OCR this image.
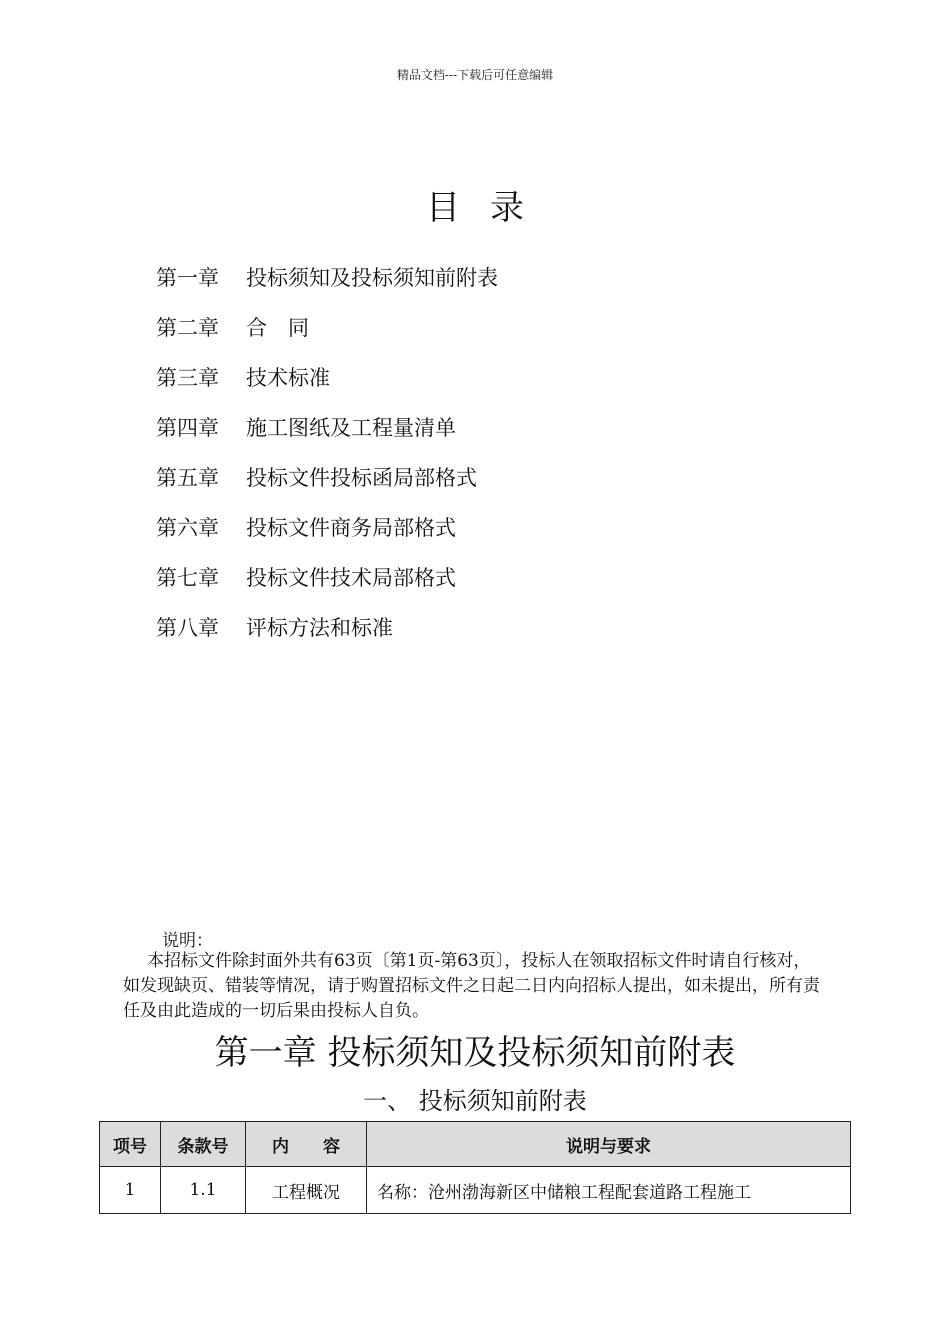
精品文档---下载后可任意编辑
目录
第一章	投标须知及投标须知前附表
第二章	合　同
第三章	技术标准
第四章	施工图纸及工程量清单
第五章	投标文件投标函局部格式
第六章	投标文件商务局部格式
第七章	投标文件技术局部格式
第八章	评标方法和标准
说明：
本招标文件除封面外共有63页〔第1页-第63页〕，投标人在领取招标文件时请自行核对，如发现缺页、错装等情况，请于购置招标文件之日起二日内向招标人提出，如未提出，所有责任及由此造成的一切后果由投标人自负。
第一章 投标须知及投标须知前附表
一、 投标须知前附表
项号	条款号	内　　容	说明与要求
1	1.1	工程概况	名称：沧州渤海新区中储粮工程配套道路工程施工
